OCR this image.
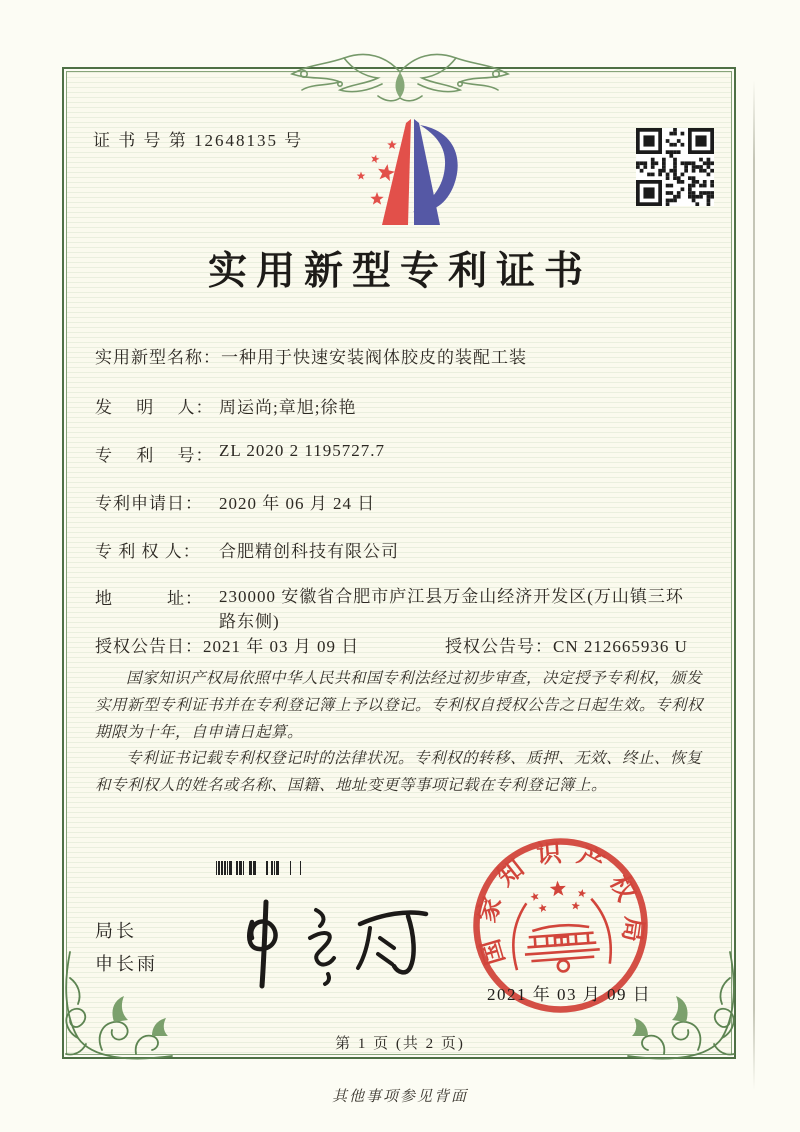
证 书 号 第 12648135 号
实用新型专利证书
实用新型名称： 一种用于快速安装阀体胶皮的装配工装
发　 明　 人： 周运尚;章旭;徐艳
专　 利　 号： ZL 2020 2 1195727.7
专利申请日： 2020 年 06 月 24 日
专 利 权 人：	合肥精创科技有限公司
地　　　址： 230000 安徽省合肥市庐江县万金山经济开发区(万山镇三环路东侧)
授权公告日：2021 年 03 月 09 日	授权公告号：CN 212665936 U

国家知识产权局依照中华人民共和国专利法经过初步审查，决定授予专利权，颁发实用新型专利证书并在专利登记簿上予以登记。专利权自授权公告之日起生效。专利权期限为十年，自申请日起算。

专利证书记载专利权登记时的法律状况。专利权的转移、质押、无效、终止、恢复和专利权人的姓名或名称、国籍、地址变更等事项记载在专利登记簿上。

局长
申长雨	国家知识产权局
2021 年 03 月 09 日
第 1 页 (共 2 页)
其他事项参见背面
